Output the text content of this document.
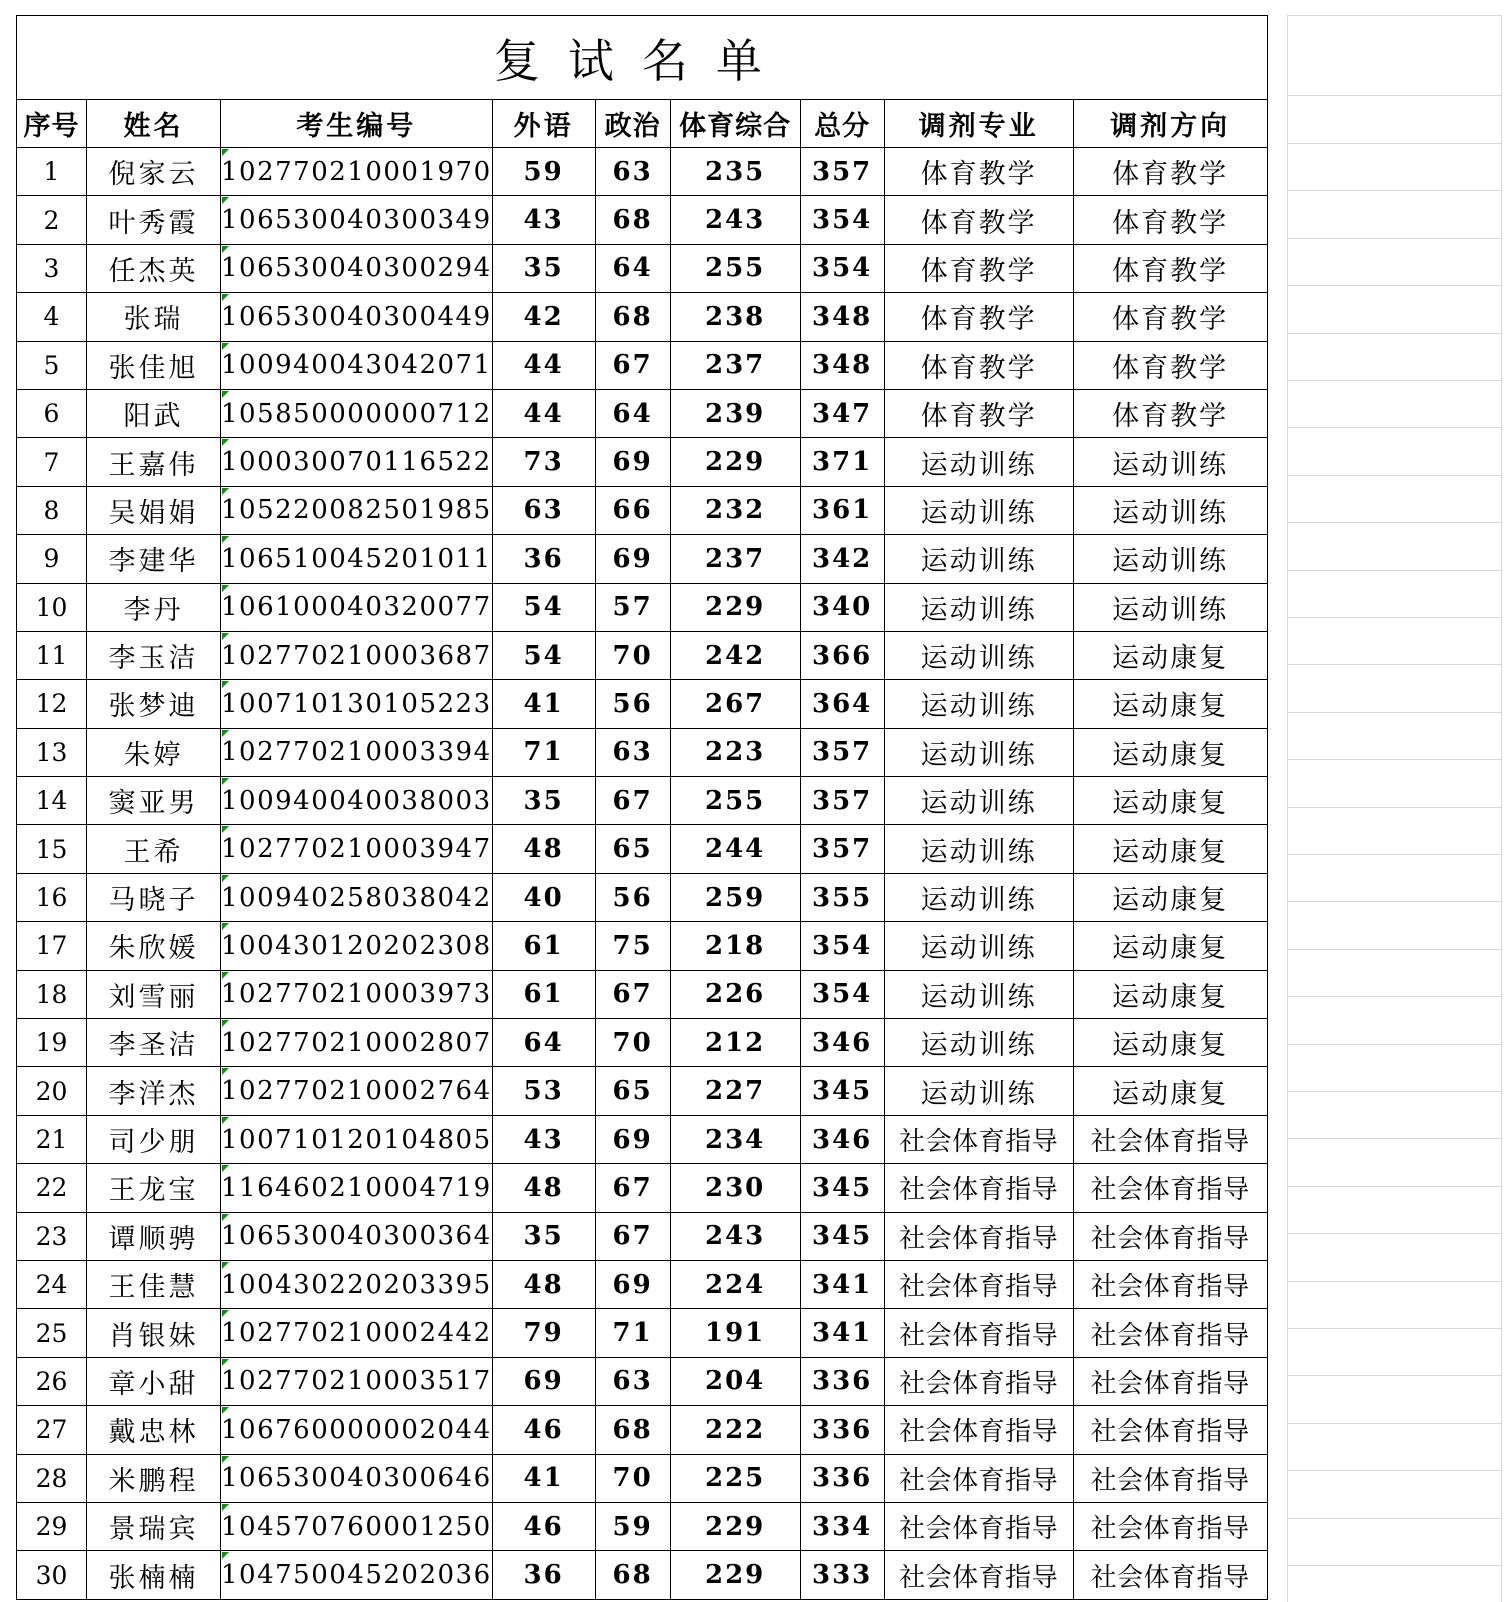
复试名单								
序号	姓名	考生编号	外语	政治	体育综合	总分	调剂专业	调剂方向
1	倪家云	102770210001970	59	63	235	357	体育教学	体育教学
2	叶秀霞	106530040300349	43	68	243	354	体育教学	体育教学
3	任杰英	106530040300294	35	64	255	354	体育教学	体育教学
4	张瑞	106530040300449	42	68	238	348	体育教学	体育教学
5	张佳旭	100940043042071	44	67	237	348	体育教学	体育教学
6	阳武	105850000000712	44	64	239	347	体育教学	体育教学
7	王嘉伟	100030070116522	73	69	229	371	运动训练	运动训练
8	吴娟娟	105220082501985	63	66	232	361	运动训练	运动训练
9	李建华	106510045201011	36	69	237	342	运动训练	运动训练
10	李丹	106100040320077	54	57	229	340	运动训练	运动训练
11	李玉洁	102770210003687	54	70	242	366	运动训练	运动康复
12	张梦迪	100710130105223	41	56	267	364	运动训练	运动康复
13	朱婷	102770210003394	71	63	223	357	运动训练	运动康复
14	窦亚男	100940040038003	35	67	255	357	运动训练	运动康复
15	王希	102770210003947	48	65	244	357	运动训练	运动康复
16	马晓子	100940258038042	40	56	259	355	运动训练	运动康复
17	朱欣媛	100430120202308	61	75	218	354	运动训练	运动康复
18	刘雪丽	102770210003973	61	67	226	354	运动训练	运动康复
19	李圣洁	102770210002807	64	70	212	346	运动训练	运动康复
20	李洋杰	102770210002764	53	65	227	345	运动训练	运动康复
21	司少朋	100710120104805	43	69	234	346	社会体育指导	社会体育指导
22	王龙宝	116460210004719	48	67	230	345	社会体育指导	社会体育指导
23	谭顺骋	106530040300364	35	67	243	345	社会体育指导	社会体育指导
24	王佳慧	100430220203395	48	69	224	341	社会体育指导	社会体育指导
25	肖银妹	102770210002442	79	71	191	341	社会体育指导	社会体育指导
26	章小甜	102770210003517	69	63	204	336	社会体育指导	社会体育指导
27	戴忠林	106760000002044	46	68	222	336	社会体育指导	社会体育指导
28	米鹏程	106530040300646	41	70	225	336	社会体育指导	社会体育指导
29	景瑞宾	104570760001250	46	59	229	334	社会体育指导	社会体育指导
30	张楠楠	104750045202036	36	68	229	333	社会体育指导	社会体育指导
